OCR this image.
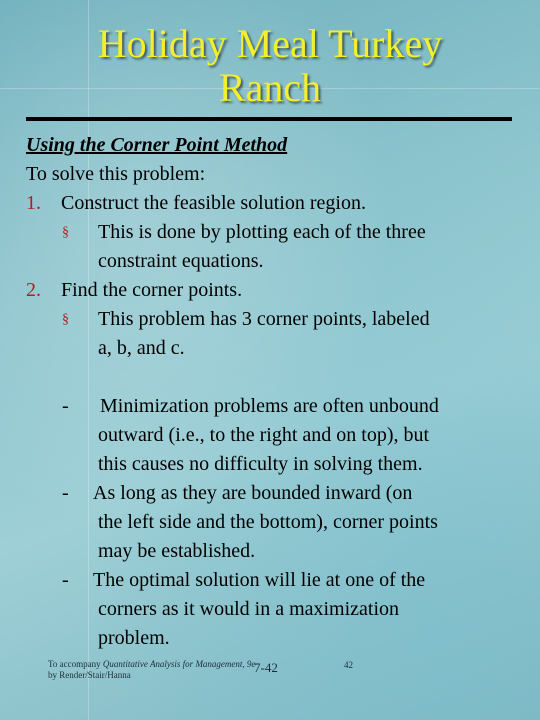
Holiday Meal Turkey
Ranch
Using the Corner Point Method
To solve this problem:
1. Construct the feasible solution region.
§ This is done by plotting each of the three
constraint equations.
2. Find the corner points.
§ This problem has 3 corner points, labeled
a, b, and c.
- Minimization problems are often unbound
outward (i.e., to the right and on top), but
this causes no difficulty in solving them.
- As long as they are bounded inward (on
the left side and the bottom), corner points
may be established.
- The optimal solution will lie at one of the
corners as it would in a maximization
problem.
To accompany Quantitative Analysis for Management, 9e
by Render/Stair/Hanna	7-42	42
